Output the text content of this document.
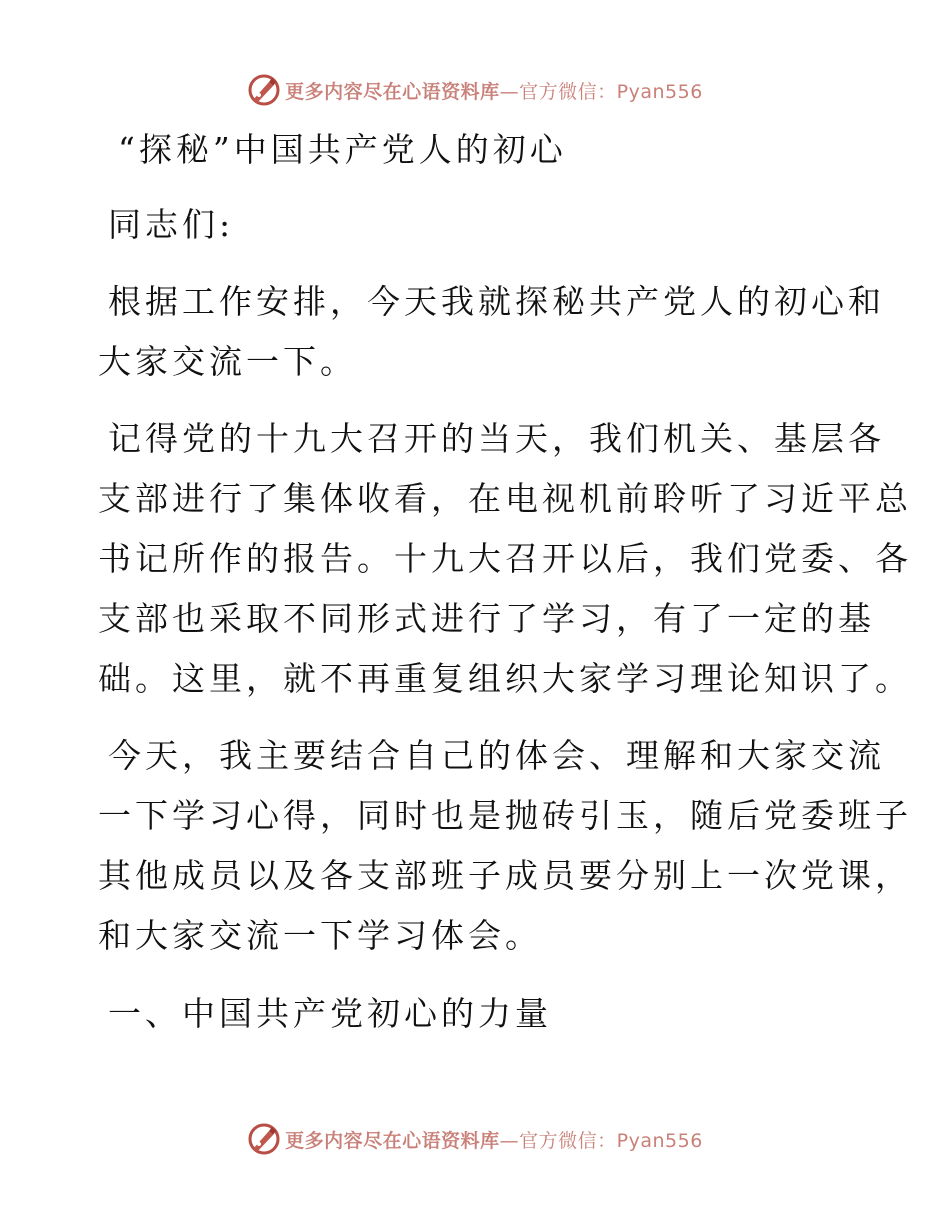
更多内容尽在心语资料库—官方微信：Pyan556

“探秘”中国共产党人的初心

同志们:

根据工作安排，今天我就探秘共产党人的初心和

大家交流一下。

记得党的十九大召开的当天，我们机关、基层各

支部进行了集体收看，在电视机前聆听了习近平总

书记所作的报告。十九大召开以后，我们党委、各

支部也采取不同形式进行了学习，有了一定的基

础。这里，就不再重复组织大家学习理论知识了。

今天，我主要结合自己的体会、理解和大家交流

一下学习心得，同时也是抛砖引玉，随后党委班子

其他成员以及各支部班子成员要分别上一次党课，

和大家交流一下学习体会。

一、中国共产党初心的力量

更多内容尽在心语资料库—官方微信：Pyan556
